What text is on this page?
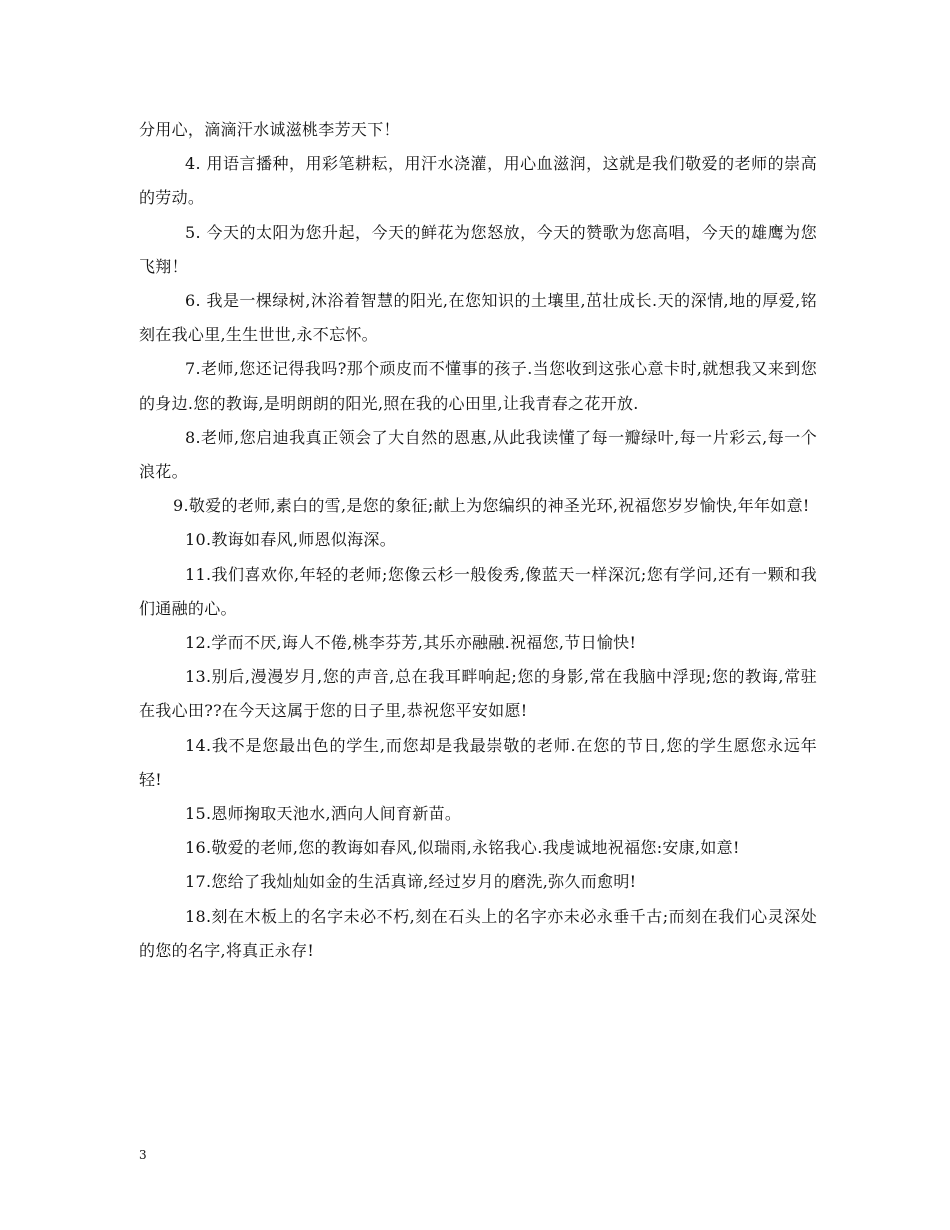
分用心，滴滴汗水诚滋桃李芳天下！

4. 用语言播种，用彩笔耕耘，用汗水浇灌，用心血滋润，这就是我们敬爱的老师的崇高的劳动。

5. 今天的太阳为您升起，今天的鲜花为您怒放，今天的赞歌为您高唱，今天的雄鹰为您飞翔！

6. 我是一棵绿树,沐浴着智慧的阳光,在您知识的土壤里,茁壮成长.天的深情,地的厚爱,铭刻在我心里,生生世世,永不忘怀。

7.老师,您还记得我吗?那个顽皮而不懂事的孩子.当您收到这张心意卡时,就想我又来到您的身边.您的教诲,是明朗朗的阳光,照在我的心田里,让我青春之花开放.

8.老师,您启迪我真正领会了大自然的恩惠,从此我读懂了每一瓣绿叶,每一片彩云,每一个浪花。

9.敬爱的老师,素白的雪,是您的象征;献上为您编织的神圣光环,祝福您岁岁愉快,年年如意!

10.教诲如春风,师恩似海深。

11.我们喜欢你,年轻的老师;您像云杉一般俊秀,像蓝天一样深沉;您有学问,还有一颗和我们通融的心。

12.学而不厌,诲人不倦,桃李芬芳,其乐亦融融.祝福您,节日愉快!

13.别后,漫漫岁月,您的声音,总在我耳畔响起;您的身影,常在我脑中浮现;您的教诲,常驻在我心田??在今天这属于您的日子里,恭祝您平安如愿!

14.我不是您最出色的学生,而您却是我最崇敬的老师.在您的节日,您的学生愿您永远年轻!

15.恩师掬取天池水,洒向人间育新苗。

16.敬爱的老师,您的教诲如春风,似瑞雨,永铭我心.我虔诚地祝福您:安康,如意!

17.您给了我灿灿如金的生活真谛,经过岁月的磨洗,弥久而愈明!

18.刻在木板上的名字未必不朽,刻在石头上的名字亦未必永垂千古;而刻在我们心灵深处的您的名字,将真正永存!

3
